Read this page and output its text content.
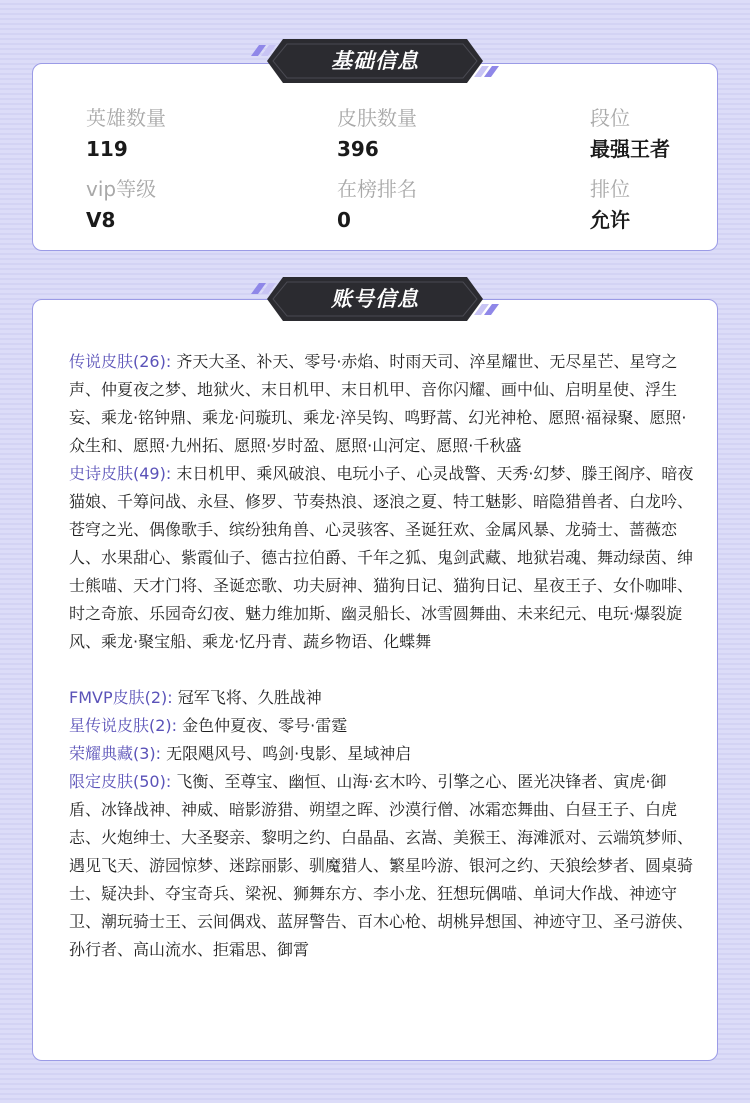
英雄数量
119
皮肤数量
396
段位
最强王者
vip等级
V8
在榜排名
0
排位
允许
传说皮肤(26): 齐天大圣、补天、零号·赤焰、时雨天司、淬星耀世、无尽星芒、星穹之声、仲夏夜之梦、地狱火、末日机甲、末日机甲、音你闪耀、画中仙、启明星使、浮生妄、乘龙·铭钟鼎、乘龙·问璇玑、乘龙·淬吴钩、鸣野蒿、幻光神枪、愿照·福禄聚、愿照·众生和、愿照·九州拓、愿照·岁时盈、愿照·山河定、愿照·千秋盛
史诗皮肤(49): 末日机甲、乘风破浪、电玩小子、心灵战警、天秀·幻梦、滕王阁序、暗夜猫娘、千筹问战、永昼、修罗、节奏热浪、逐浪之夏、特工魅影、暗隐猎兽者、白龙吟、苍穹之光、偶像歌手、缤纷独角兽、心灵骇客、圣诞狂欢、金属风暴、龙骑士、蔷薇恋人、水果甜心、紫霞仙子、德古拉伯爵、千年之狐、鬼剑武藏、地狱岩魂、舞动绿茵、绅士熊喵、天才门将、圣诞恋歌、功夫厨神、猫狗日记、猫狗日记、星夜王子、女仆咖啡、时之奇旅、乐园奇幻夜、魅力维加斯、幽灵船长、冰雪圆舞曲、未来纪元、电玩·爆裂旋风、乘龙·聚宝船、乘龙·忆丹青、蔬乡物语、化蝶舞
FMVP皮肤(2): 冠军飞将、久胜战神
星传说皮肤(2): 金色仲夏夜、零号·雷霆
荣耀典藏(3): 无限飓风号、鸣剑·曳影、星域神启
限定皮肤(50): 飞衡、至尊宝、幽恒、山海·玄木吟、引擎之心、匿光决锋者、寅虎·御盾、冰锋战神、神威、暗影游猎、朔望之晖、沙漠行僧、冰霜恋舞曲、白昼王子、白虎志、火炮绅士、大圣娶亲、黎明之约、白晶晶、玄嵩、美猴王、海滩派对、云端筑梦师、遇见飞天、游园惊梦、迷踪丽影、驯魔猎人、繁星吟游、银河之约、天狼绘梦者、圆桌骑士、疑决卦、夺宝奇兵、梁祝、狮舞东方、李小龙、狂想玩偶喵、单词大作战、神迹守卫、潮玩骑士王、云间偶戏、蓝屏警告、百木心枪、胡桃异想国、神迹守卫、圣弓游侠、孙行者、高山流水、拒霜思、御霄
基础信息
账号信息
